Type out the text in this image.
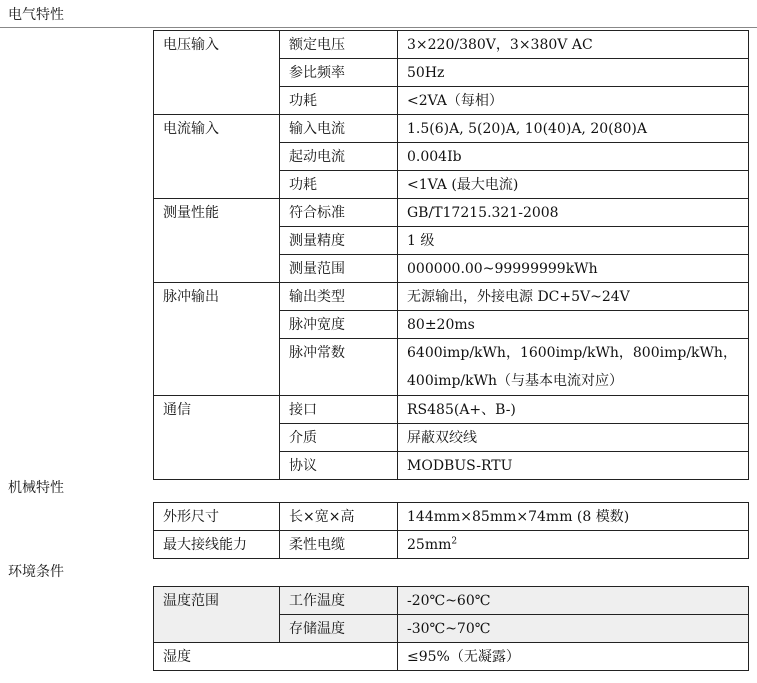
电气特性
电压输入	额定电压	3×220/380V，3×380V AC
	参比频率	50Hz
	功耗	<2VA（每相）
电流输入	输入电流	1.5(6)A, 5(20)A, 10(40)A, 20(80)A
	起动电流	0.004Ib
	功耗	<1VA (最大电流)
测量性能	符合标准	GB/T17215.321-2008
	测量精度	1 级
	测量范围	000000.00~99999999kWh
脉冲输出	输出类型	无源输出，外接电源 DC+5V~24V
	脉冲宽度	80±20ms
	脉冲常数	6400imp/kWh，1600imp/kWh，800imp/kWh，
400imp/kWh（与基本电流对应）

通信	接口	RS485(A+、B-)
	介质	屏蔽双绞线
	协议	MODBUS-RTU
机械特性
外形尺寸	长×宽×高	144mm×85mm×74mm (8 模数)
最大接线能力	柔性电缆	$25mm^2$
环境条件
温度范围	工作温度	-20℃~60℃
	存储温度	-30℃~70℃
湿度		≤95%（无凝露）
